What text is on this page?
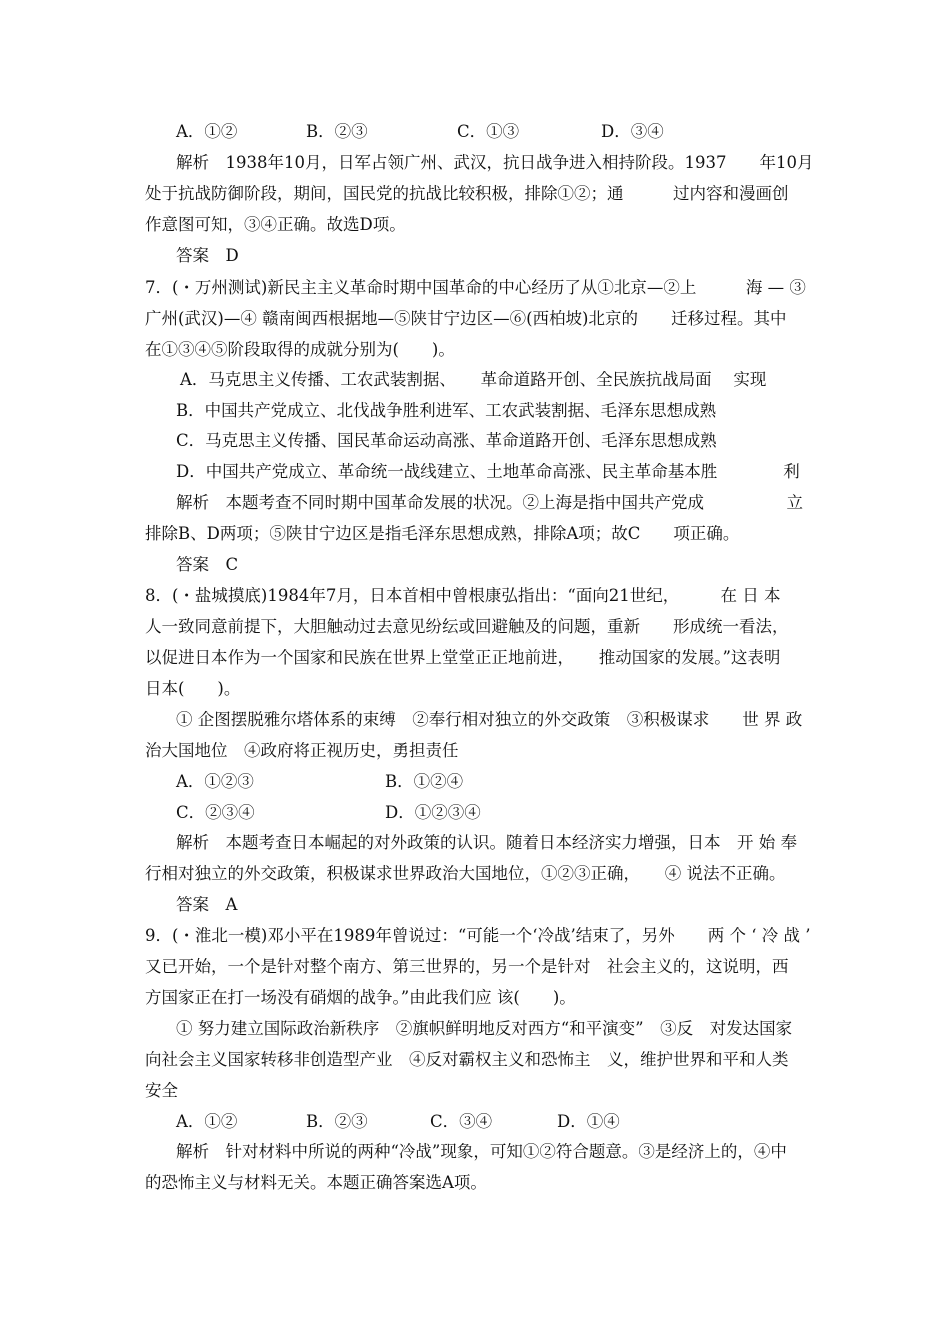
A．①②	B．②③	C．①③	D．③④
解析　1938年10月，日军占领广州、武汉，抗日战争进入相持阶段。1937　　年10月
处于抗战防御阶段，期间，国民党的抗战比较积极，排除①②；通　　　过内容和漫画创
作意图可知，③④正确。故选D项。
答案　D
7．(・万州测试)新民主主义革命时期中国革命的中心经历了从①北京—②上　　　海 — ③
广州(武汉)—④ 赣南闽西根据地—⑤陕甘宁边区—⑥(西柏坡)北京的　　迁移过程。其中
在①③④⑤阶段取得的成就分别为(　　)。
A．马克思主义传播、工农武装割据、　　革命道路开创、全民族抗战局面　 实现
B．中国共产党成立、北伐战争胜利进军、工农武装割据、毛泽东思想成熟
C．马克思主义传播、国民革命运动高涨、革命道路开创、毛泽东思想成熟
D．中国共产党成立、革命统一战线建立、土地革命高涨、民主革命基本胜　　　　利
解析　本题考查不同时期中国革命发展的状况。②上海是指中国共产党成　　　　　立
排除B、D两项；⑤陕甘宁边区是指毛泽东思想成熟，排除A项；故C　　项正确。
答案　C
8．(・盐城摸底)1984年7月，日本首相中曾根康弘指出：“面向21世纪，　　　在 日 本
人一致同意前提下，大胆触动过去意见纷纭或回避触及的问题，重新　　形成统一看法，
以促进日本作为一个国家和民族在世界上堂堂正正地前进，　　推动国家的发展。”这表明
日本(　　)。
① 企图摆脱雅尔塔体系的束缚　②奉行相对独立的外交政策　③积极谋求　　世 界 政
治大国地位　④政府将正视历史，勇担责任
A．①②③	B．①②④
C．②③④	D．①②③④
解析　本题考查日本崛起的对外政策的认识。随着日本经济实力增强，日本　开 始 奉
行相对独立的外交政策，积极谋求世界政治大国地位，①②③正确，　　④ 说法不正确。
答案　A
9．(・淮北一模)邓小平在1989年曾说过：“可能一个‘冷战’结束了，另外　　两 个 ‘ 冷 战 ’
又已开始，一个是针对整个南方、第三世界的，另一个是针对　社会主义的，这说明，西
方国家正在打一场没有硝烟的战争。”由此我们应 该(　　)。
① 努力建立国际政治新秩序　②旗帜鲜明地反对西方“和平演变”　③反　对发达国家
向社会主义国家转移非创造型产业　④反对霸权主义和恐怖主　义，维护世界和平和人类
安全
A．①②	B．②③	C．③④	D．①④
解析　针对材料中所说的两种“冷战”现象，可知①②符合题意。③是经济上的，④中
的恐怖主义与材料无关。本题正确答案选A项。
